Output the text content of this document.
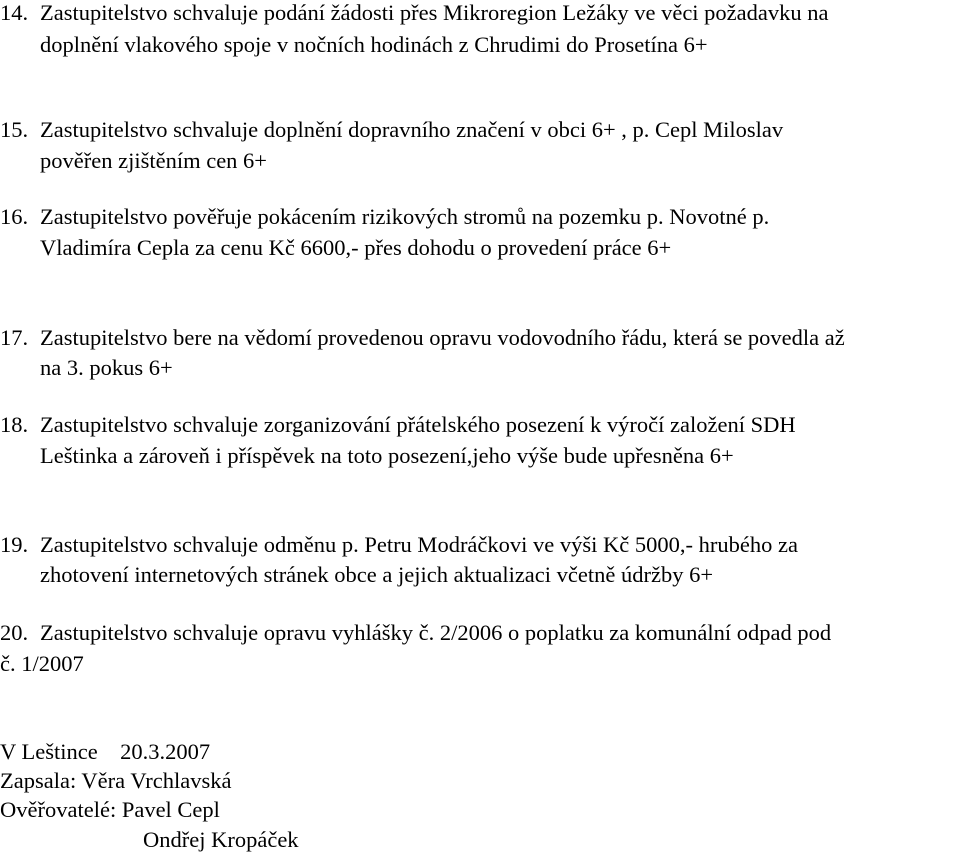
14. Zastupitelstvo schvaluje podání žádosti přes Mikroregion Ležáky ve věci požadavku na
doplnění vlakového spoje v nočních hodinách z Chrudimi do Prosetína 6+
15. Zastupitelstvo schvaluje doplnění dopravního značení v obci 6+ , p. Cepl Miloslav
pověřen zjištěním cen 6+
16. Zastupitelstvo pověřuje pokácením rizikových stromů na pozemku p. Novotné p.
Vladimíra Cepla za cenu Kč 6600,- přes dohodu o provedení práce 6+
17. Zastupitelstvo bere na vědomí provedenou opravu vodovodního řádu, která se povedla až
na 3. pokus 6+
18. Zastupitelstvo schvaluje zorganizování přátelského posezení k výročí založení SDH
Leštinka a zároveň i příspěvek na toto posezení,jeho výše bude upřesněna 6+
19. Zastupitelstvo schvaluje odměnu p. Petru Modráčkovi ve výši Kč 5000,- hrubého za
zhotovení internetových stránek obce a jejich aktualizaci včetně údržby 6+
20. Zastupitelstvo schvaluje opravu vyhlášky č. 2/2006 o poplatku za komunální odpad pod
č. 1/2007
V Leštince    20.3.2007
Zapsala: Věra Vrchlavská
Ověřovatelé: Pavel Cepl
Ondřej Kropáček
